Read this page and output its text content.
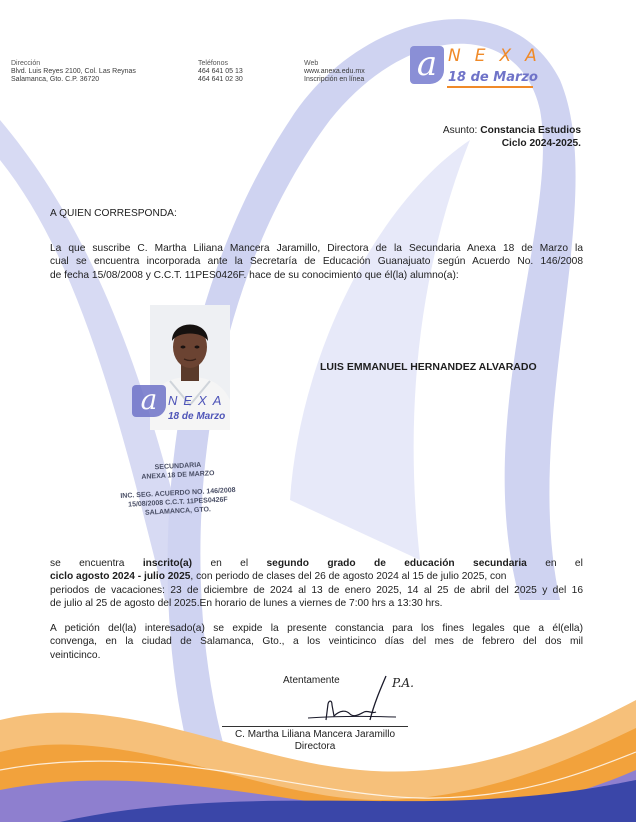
Dirección
Blvd. Luis Reyes 2100, Col. Las Reynas
Salamanca, Gto. C.P. 36720
Teléfonos
464 641 05 13
464 641 02 30
Web
www.anexa.edu.mx
Inscripción en línea a NEXA
18 de Marzo
Asunto: Constancia Estudios
Ciclo 2024-2025.
A QUIEN CORRESPONDA:
La que suscribe C. Martha Liliana Mancera Jaramillo, Directora de la Secundaria Anexa 18 de Marzo la
cual se encuentra incorporada ante la Secretaría de Educación Guanajuato según Acuerdo No. 146/2008
de fecha 15/08/2008 y C.C.T. 11PES0426F. hace de su conocimiento que él(la) alumno(a):
a NEXA
18 de Marzo
LUIS EMMANUEL HERNANDEZ ALVARADO
SECUNDARIA
ANEXA 18 DE MARZO
INC. SEG. ACUERDO NO. 146/2008
15/08/2008 C.C.T. 11PES0426F
SALAMANCA, GTO.
se encuentra inscrito(a) en el segundo grado de educación secundaria en el
ciclo agosto 2024 - julio 2025, con periodo de clases del 26 de agosto 2024 al 15 de julio 2025, con
periodos de vacaciones: 23 de diciembre de 2024 al 13 de enero 2025, 14 al 25 de abril del 2025 y del 16
de julio al 25 de agosto del 2025.En horario de lunes a viernes de 7:00 hrs a 13:30 hrs.
A petición del(la) interesado(a) se expide la presente constancia para los fines legales que a él(ella)
convenga, en la ciudad de Salamanca, Gto., a los veinticinco días del mes de febrero del dos mil
veinticinco.
Atentamente	P.A.
C. Martha Liliana Mancera Jaramillo
Directora
